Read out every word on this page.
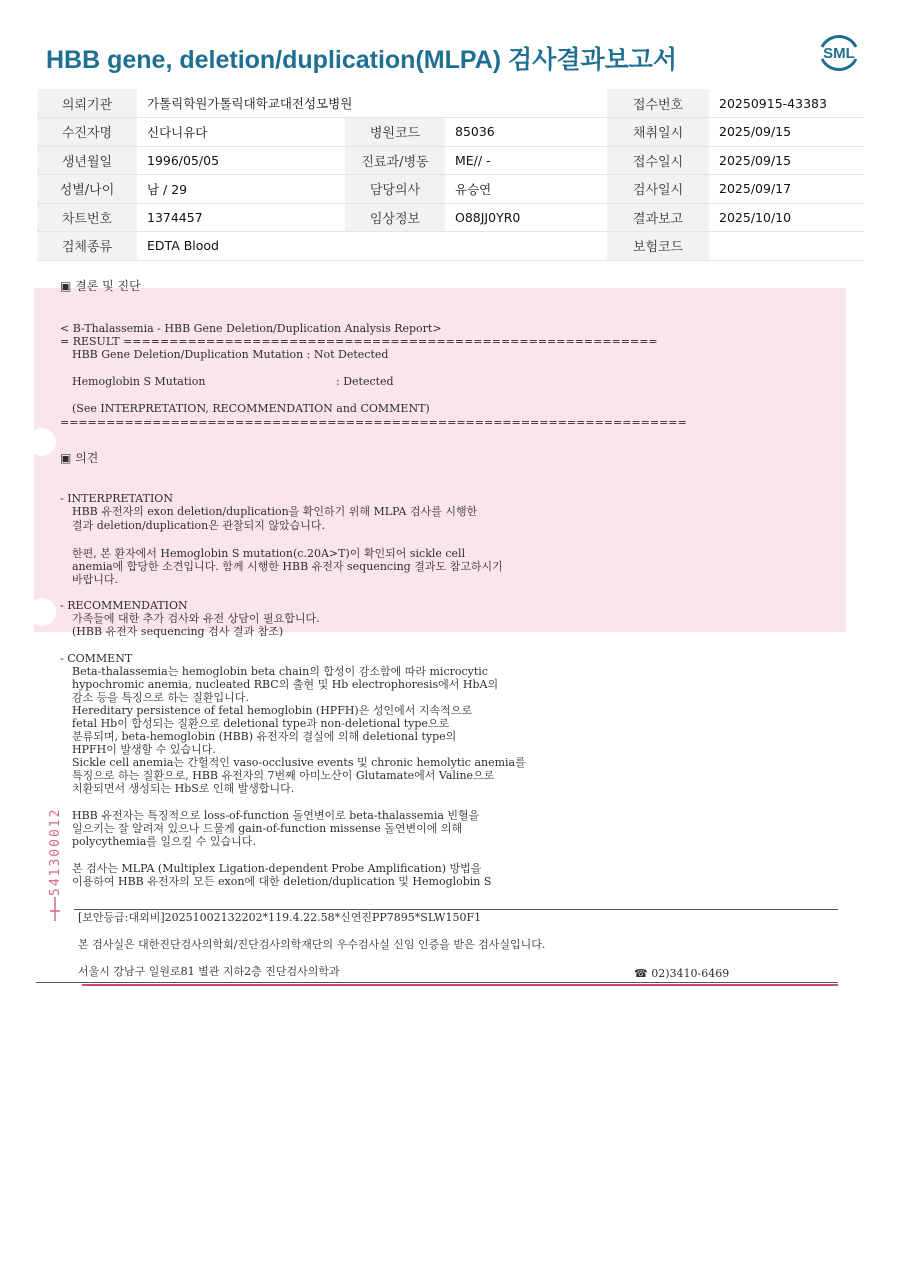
HBB gene, deletion/duplication(MLPA) 검사결과보고서	SML
의뢰기관	가톨릭학원가톨릭대학교대전성모병원			접수번호	20250915-43383
수진자명	신다니유다	병원코드	85036	채취일시	2025/09/15
생년월일	1996/05/05	진료과/병동	ME// -	접수일시	2025/09/15
성별/나이	남 / 29	담당의사	유승연	검사일시	2025/09/17
차트번호	1374457	임상정보	O88JJ0YR0	결과보고	2025/10/10
검체종류	EDTA Blood			보험코드	
▣ 결론 및 진단
< B-Thalassemia - HBB Gene Deletion/Duplication Analysis Report>
= RESULT ==========================================================
HBB Gene Deletion/Duplication Mutation : Not Detected
Hemoglobin S Mutation	: Detected
(See INTERPRETATION, RECOMMENDATION and COMMENT)
====================================================================
▣ 의견
- INTERPRETATION
HBB 유전자의 exon deletion/duplication을 확인하기 위해 MLPA 검사를 시행한
결과 deletion/duplication은 관찰되지 않았습니다.
한편, 본 환자에서 Hemoglobin S mutation(c.20A>T)이 확인되어 sickle cell
anemia에 합당한 소견입니다. 함께 시행한 HBB 유전자 sequencing 결과도 참고하시기
바랍니다.
- RECOMMENDATION
가족들에 대한 추가 검사와 유전 상담이 필요합니다.
(HBB 유전자 sequencing 검사 결과 참조)
- COMMENT
Beta-thalassemia는 hemoglobin beta chain의 합성이 감소함에 따라 microcytic
hypochromic anemia, nucleated RBC의 출현 및 Hb electrophoresis에서 HbA의
감소 등을 특징으로 하는 질환입니다.
Hereditary persistence of fetal hemoglobin (HPFH)은 성인에서 지속적으로
fetal Hb이 합성되는 질환으로 deletional type과 non-deletional type으로
분류되며, beta-hemoglobin (HBB) 유전자의 결실에 의해 deletional type의
HPFH이 발생할 수 있습니다.
Sickle cell anemia는 간헐적인 vaso-occlusive events 및 chronic hemolytic anemia를
특징으로 하는 질환으로, HBB 유전자의 7번째 아미노산이 Glutamate에서 Valine으로
치환되면서 생성되는 HbS로 인해 발생합니다.
HBB 유전자는 특징적으로 loss-of-function 돌연변이로 beta-thalassemia 빈혈을
일으키는 잘 알려져 있으나 드물게 gain-of-function missense 돌연변이에 의해
polycythemia를 일으킬 수 있습니다.
본 검사는 MLPA (Multiplex Ligation-dependent Probe Amplification) 방법을
이용하여 HBB 유전자의 모든 exon에 대한 deletion/duplication 및 Hemoglobin S
[보안등급:대외비]20251002132202*119.4.22.58*신연진PP7895*SLW150F1
본 검사실은 대한진단검사의학회/진단검사의학재단의 우수검사실 신임 인증을 받은 검사실입니다.
서울시 강남구 일원로81 별관 지하2층 진단검사의학과	☎ 02)3410-6469
541300012
